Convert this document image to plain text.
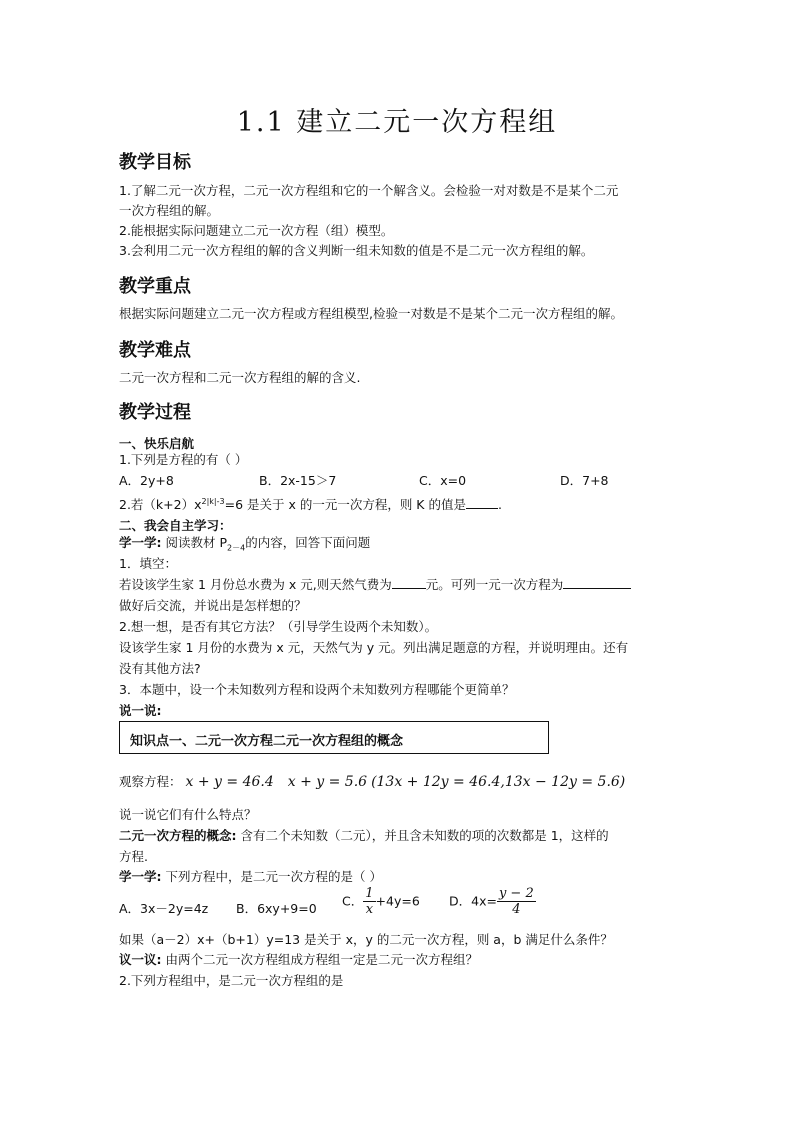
1.1 建立二元一次方程组
教学目标
1.了解二元一次方程，二元一次方程组和它的一个解含义。会检验一对对数是不是某个二元
一次方程组的解。
2.能根据实际问题建立二元一次方程（组）模型。
3.会利用二元一次方程组的解的含义判断一组未知数的值是不是二元一次方程组的解。
教学重点
根据实际问题建立二元一次方程或方程组模型,检验一对数是不是某个二元一次方程组的解。
教学难点
二元一次方程和二元一次方程组的解的含义.
教学过程
一、快乐启航
1.下列是方程的有（ ）
A．2y+8	B．2x-15＞7	C．x=0	D．7+8
2.若$(k+2)x^{2|k|-3}=6$ 是关于 x 的一元一次方程，则 K 的值是	.
二、我会自主学习：
学一学: 阅读教材 $P_{2-4}$的内容，回答下面问题
1．填空：
若设该学生家 1 月份总水费为 x 元,则天然气费为	元。可列一元一次方程为
做好后交流，并说出是怎样想的？
2.想一想，是否有其它方法？（引导学生设两个未知数）。
设该学生家 1 月份的水费为 x 元，天然气为 y 元。列出满足题意的方程，并说明理由。还有
没有其他方法?
3．本题中，设一个未知数列方程和设两个未知数列方程哪能个更简单？
说一说:
知识点一、二元一次方程二元一次方程组的概念
观察方程： x + y = 46.4 x + y = 5.6 (13x + 12y = 46.4,13x − 12y = 5.6)
说一说它们有什么特点？
二元一次方程的概念: 含有二个未知数（二元），并且含未知数的项的次数都是 1，这样的
方程.
学一学: 下列方程中，是二元一次方程的是（ ）
A．3x－2y=4z B．6xy+9=0 C． $\frac{1}{x} +4y=6$ D．$4x= \frac{y - 2}{4}$
如果（a－2）x+（b+1）y=13 是关于 x，y 的二元一次方程，则 a，b 满足什么条件？
议一议: 由两个二元一次方程组成方程组一定是二元一次方程组？
2.下列方程组中，是二元一次方程组的是
